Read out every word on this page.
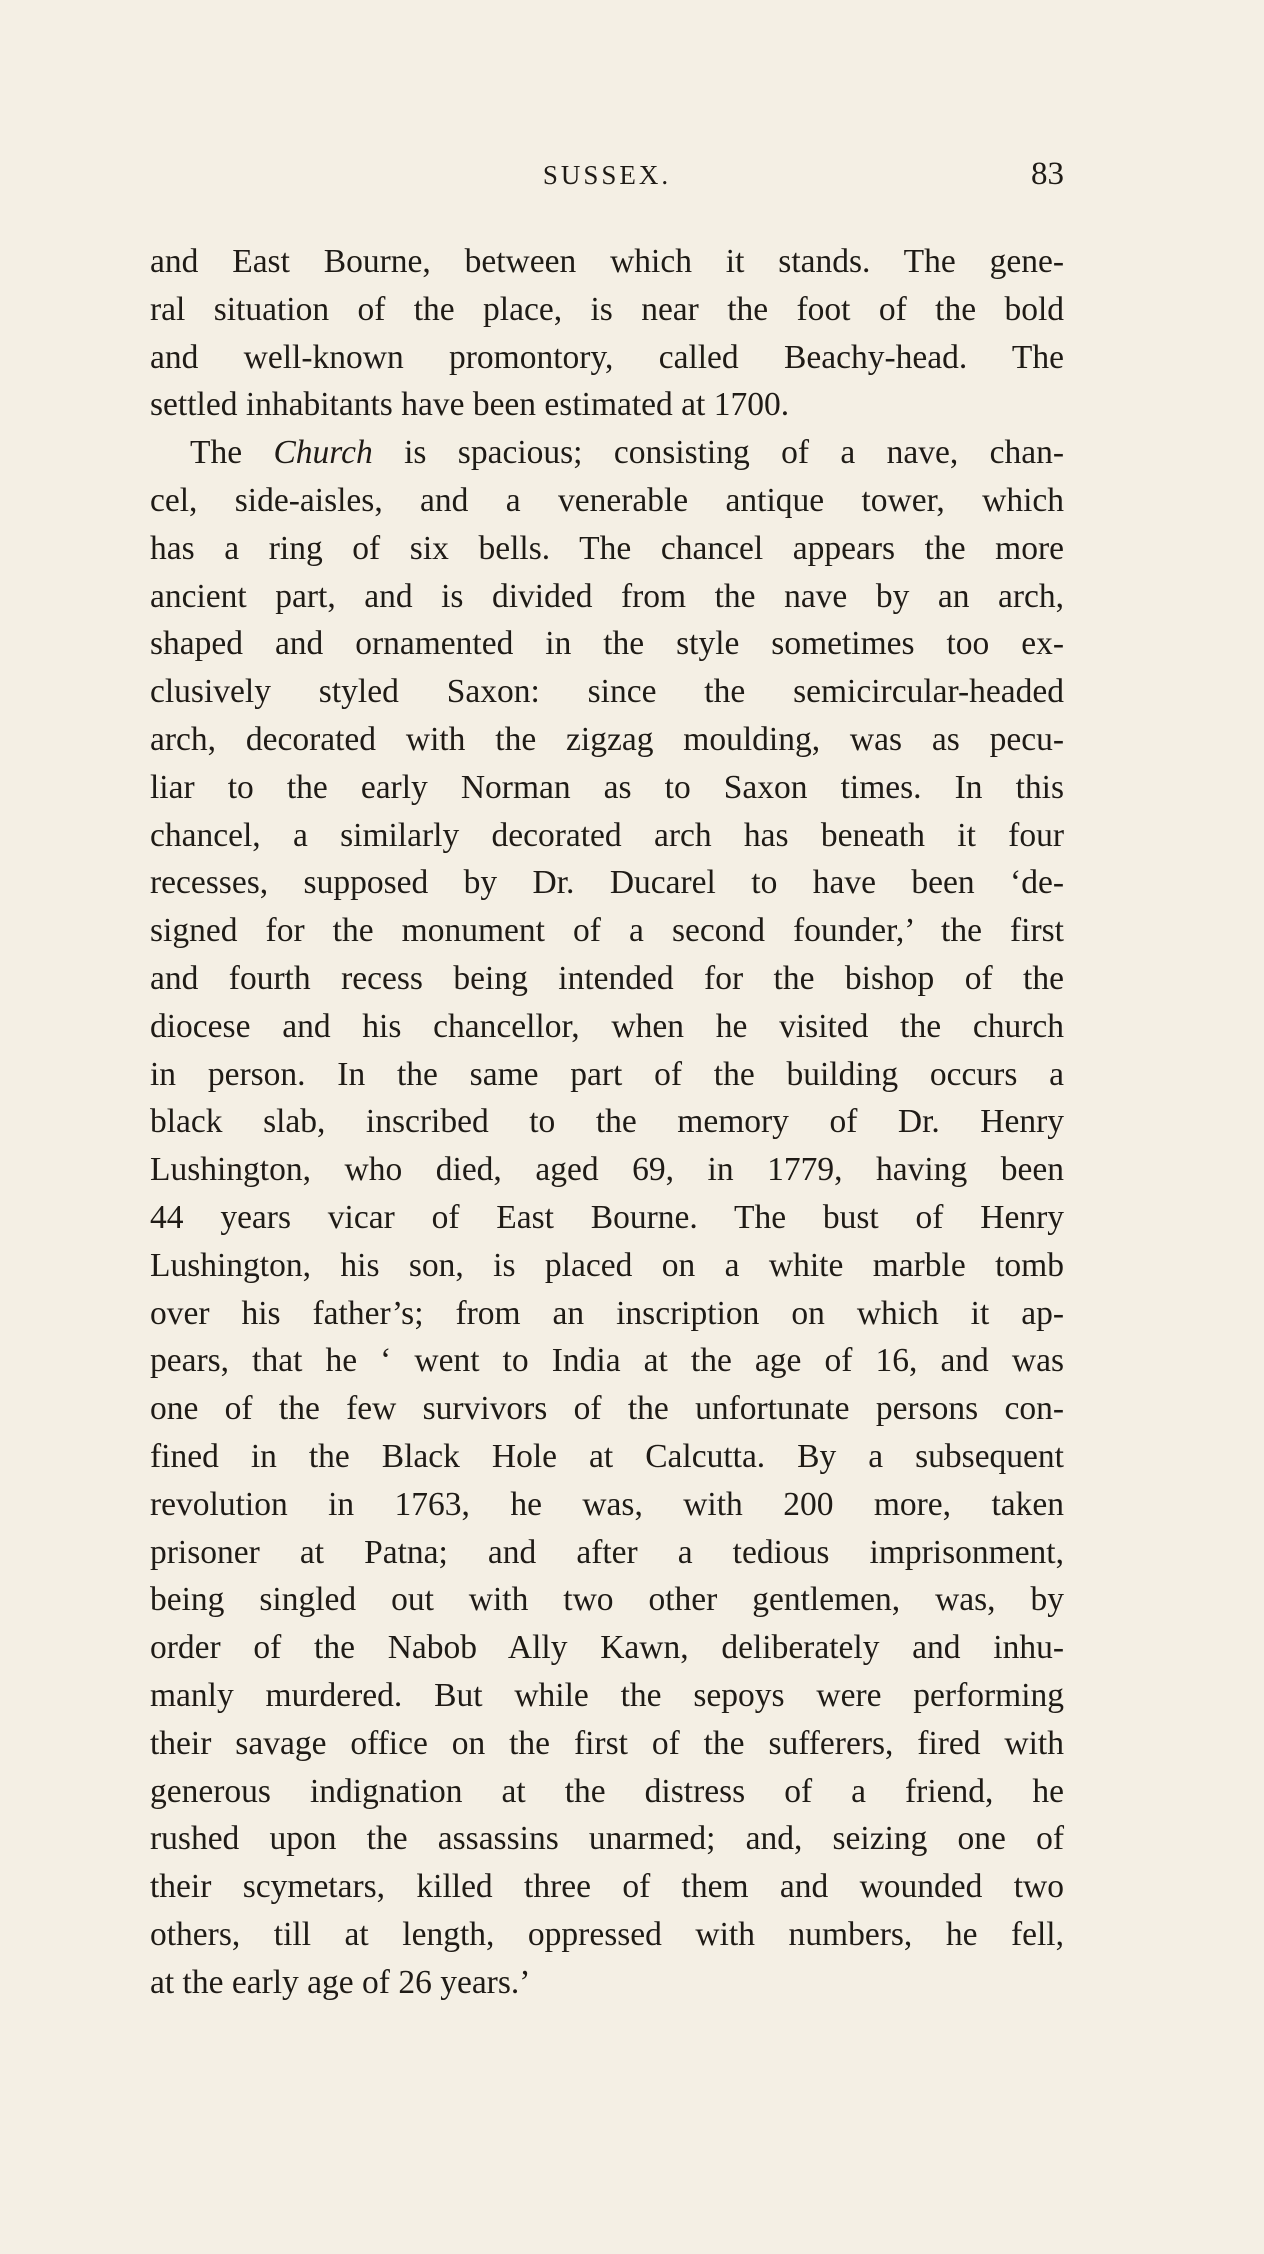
SUSSEX.	83
and East Bourne, between which it stands. The gene-
ral situation of the place, is near the foot of the bold
and well-known promontory, called Beachy-head. The
settled inhabitants have been estimated at 1700.
The Church is spacious; consisting of a nave, chan-
cel, side-aisles, and a venerable antique tower, which
has a ring of six bells. The chancel appears the more
ancient part, and is divided from the nave by an arch,
shaped and ornamented in the style sometimes too ex-
clusively styled Saxon: since the semicircular-headed
arch, decorated with the zigzag moulding, was as pecu-
liar to the early Norman as to Saxon times. In this
chancel, a similarly decorated arch has beneath it four
recesses, supposed by Dr. Ducarel to have been ‘de-
signed for the monument of a second founder,’ the first
and fourth recess being intended for the bishop of the
diocese and his chancellor, when he visited the church
in person. In the same part of the building occurs a
black slab, inscribed to the memory of Dr. Henry
Lushington, who died, aged 69, in 1779, having been
44 years vicar of East Bourne. The bust of Henry
Lushington, his son, is placed on a white marble tomb
over his father’s; from an inscription on which it ap-
pears, that he ‘ went to India at the age of 16, and was
one of the few survivors of the unfortunate persons con-
fined in the Black Hole at Calcutta. By a subsequent
revolution in 1763, he was, with 200 more, taken
prisoner at Patna; and after a tedious imprisonment,
being singled out with two other gentlemen, was, by
order of the Nabob Ally Kawn, deliberately and inhu-
manly murdered. But while the sepoys were performing
their savage office on the first of the sufferers, fired with
generous indignation at the distress of a friend, he
rushed upon the assassins unarmed; and, seizing one of
their scymetars, killed three of them and wounded two
others, till at length, oppressed with numbers, he fell,
at the early age of 26 years.’
